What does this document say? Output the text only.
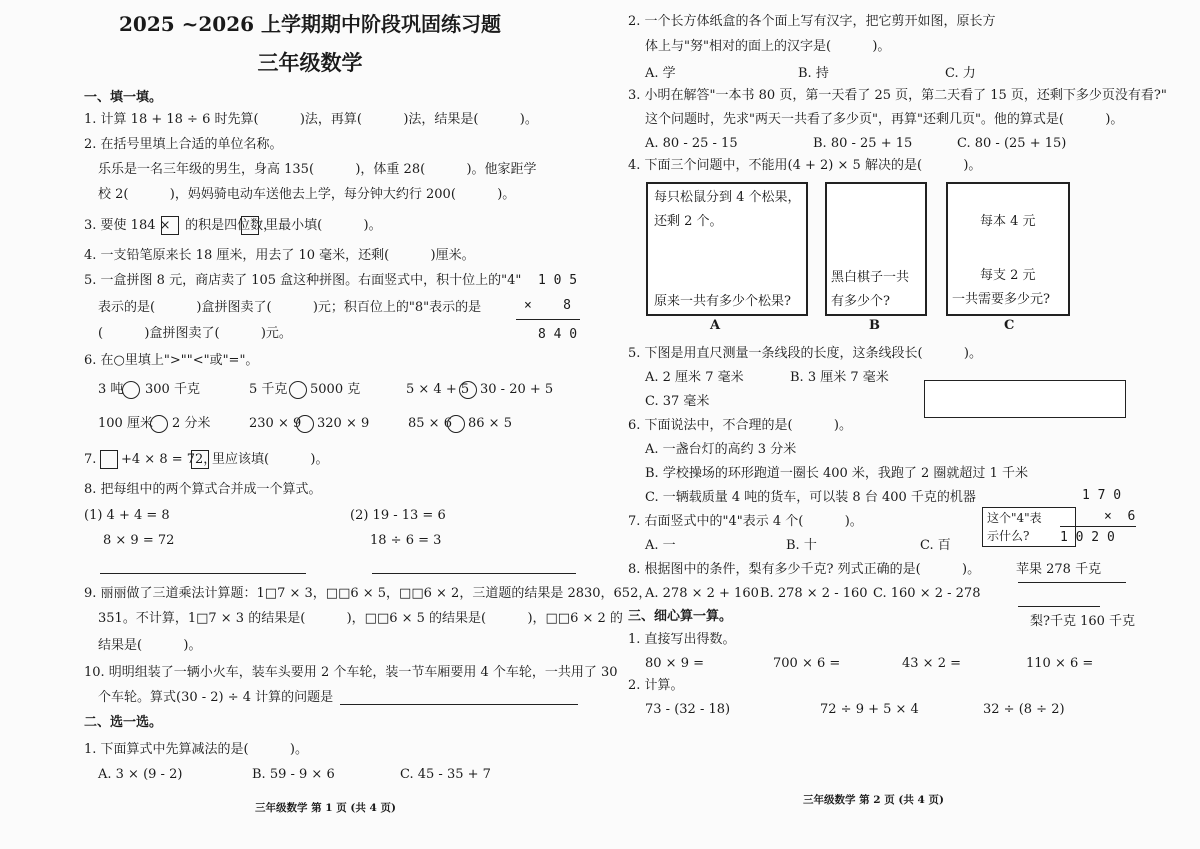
2025 ~2026 上学期期中阶段巩固练习题
三年级数学
一、填一填。
1. 计算 18 + 18 ÷ 6 时先算(          )法，再算(          )法，结果是(          )。
2. 在括号里填上合适的单位名称。
乐乐是一名三年级的男生，身高 135(          )，体重 28(          )。他家距学
校 2(          )，妈妈骑电动车送他去上学，每分钟大约行 200(          )。
3. 要使 184 × 的积是四位数，
里最小填(          )。
4. 一支铅笔原来长 18 厘米，用去了 10 毫米，还剩(          )厘米。
5. 一盒拼图 8 元，商店卖了 105 盒这种拼图。右面竖式中，积十位上的"4"
表示的是(          )盒拼图卖了(          )元；积百位上的"8"表示的是
(          )盒拼图卖了(          )元。
1 0 5
×    8
8 4 0
6. 在○里填上">""<"或"="。
3 吨 300 千克	5 千克 5000 克	5 × 4 + 5 30 - 20 + 5
100 厘米 2 分米	230 × 9 320 × 9	85 × 6 86 × 5
7. +4 × 8 = 72，
里应该填(          )。
8. 把每组中的两个算式合并成一个算式。
(1) 4 + 4 = 8
8 × 9 = 72
(2) 19 - 13 = 6
18 ÷ 6 = 3
9. 丽丽做了三道乘法计算题：1□7 × 3，□□6 × 5，□□6 × 2，三道题的结果是 2830，652，
351。不计算，1□7 × 3 的结果是(          )，□□6 × 5 的结果是(          )，□□6 × 2 的
结果是(          )。
10. 明明组装了一辆小火车，装车头要用 2 个车轮，装一节车厢要用 4 个车轮，一共用了 30
个车轮。算式(30 - 2) ÷ 4 计算的问题是
二、选一选。
1. 下面算式中先算减法的是(          )。
A. 3 × (9 - 2)	B. 59 - 9 × 6	C. 45 - 35 + 7
三年级数学 第 1 页 (共 4 页)
2. 一个长方体纸盒的各个面上写有汉字，把它剪开如图，原长方
体上与"努"相对的面上的汉字是(          )。
A. 学	B. 持	C. 力
3. 小明在解答"一本书 80 页，第一天看了 25 页，第二天看了 15 页，还剩下多少页没有看?"
这个问题时，先求"两天一共看了多少页"，再算"还剩几页"。他的算式是(          )。
A. 80 - 25 - 15	B. 80 - 25 + 15	C. 80 - (25 + 15)
4. 下面三个问题中，不能用(4 + 2) × 5 解决的是(          )。
每只松鼠分到 4 个松果，
还剩 2 个。
原来一共有多少个松果?
黑白棋子一共
有多少个?
每本 4 元
每支 2 元
一共需要多少元?
A	B	C
5. 下图是用直尺测量一条线段的长度，这条线段长(          )。
A. 2 厘米 7 毫米	B. 3 厘米 7 毫米
C. 37 毫米
6. 下面说法中，不合理的是(          )。
A. 一盏台灯的高约 3 分米
B. 学校操场的环形跑道一圈长 400 米，我跑了 2 圈就超过 1 千米
C. 一辆载质量 4 吨的货车，可以装 8 台 400 千克的机器
7. 右面竖式中的"4"表示 4 个(          )。
A. 一	B. 十	C. 百
这个"4"表
示什么?
1 7 0
×  6
1 0 2 0
8. 根据图中的条件，梨有多少千克? 列式正确的是(          )。
A. 278 × 2 + 160 B. 278 × 2 - 160 C. 160 × 2 - 278
苹果 278 千克
梨?千克 160 千克
三、细心算一算。
1. 直接写出得数。
80 × 9 =	700 × 6 =	43 × 2 =	110 × 6 =
2. 计算。
73 - (32 - 18)	72 ÷ 9 + 5 × 4	32 ÷ (8 ÷ 2)
三年级数学 第 2 页 (共 4 页)
